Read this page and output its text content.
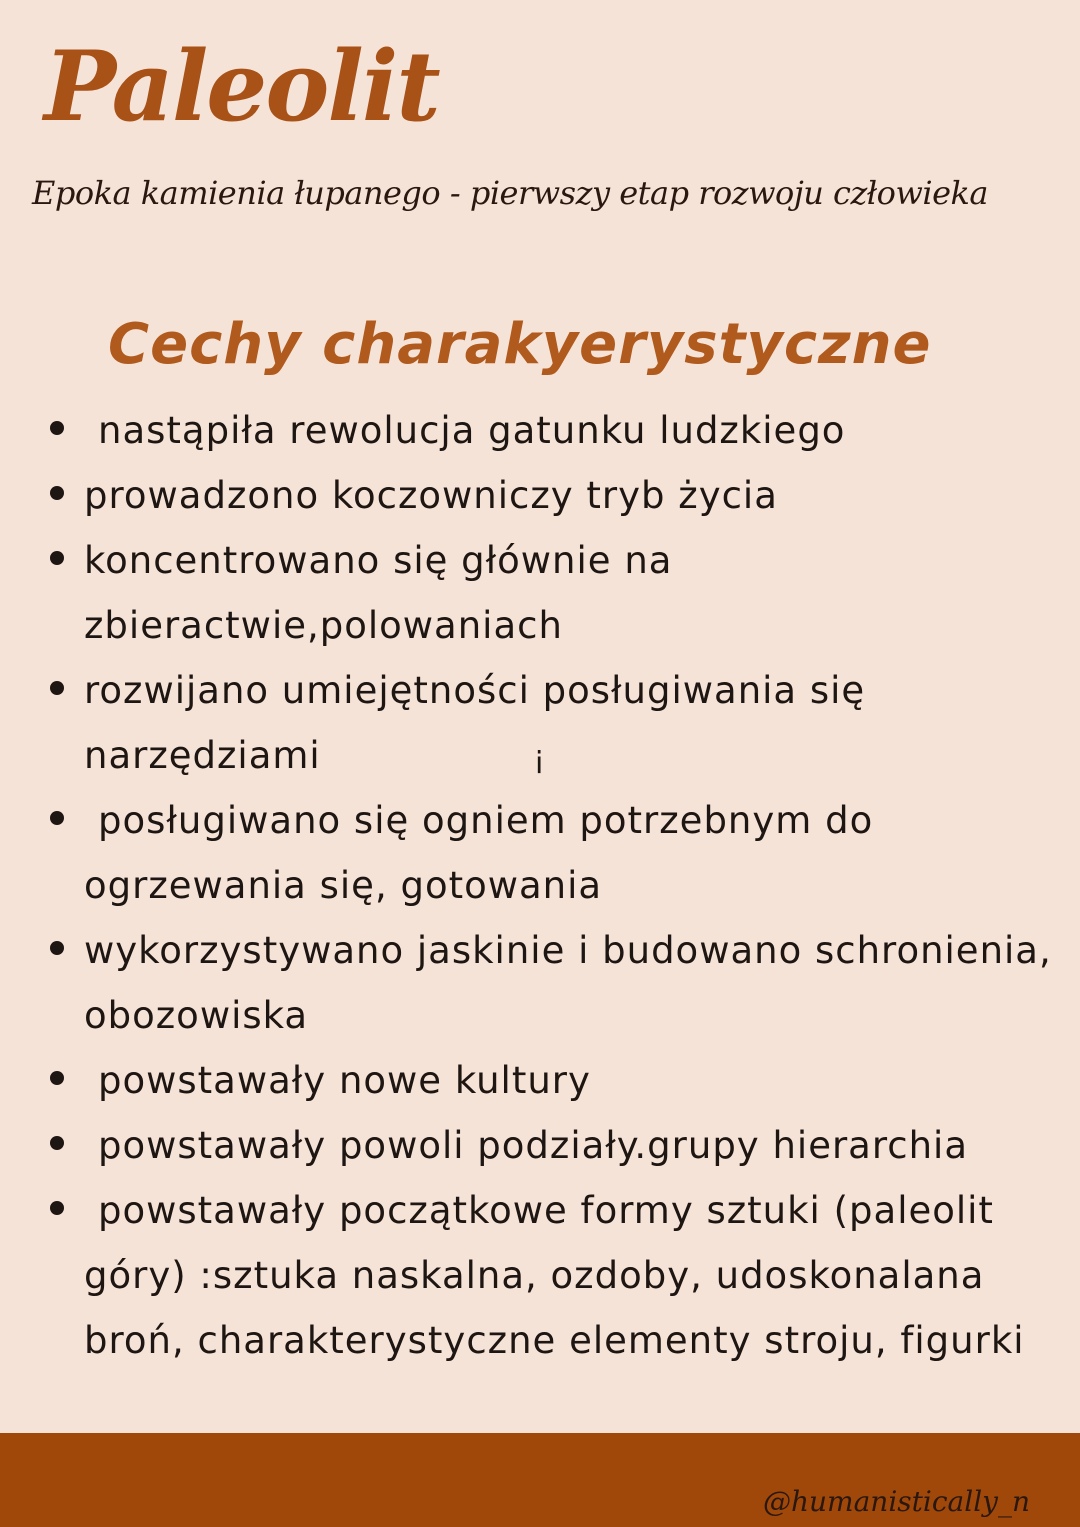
Paleolit

Epoka kamienia łupanego - pierwszy etap rozwoju człowieka

Cechy charakyerystyczne
nastąpiła rewolucja gatunku ludzkiego
prowadzono koczowniczy tryb życia
koncentrowano się głównie na zbieractwie,polowaniach
rozwijano umiejętności posługiwania się narzędziami
posługiwano się ogniem potrzebnym do ogrzewania się, gotowania
wykorzystywano jaskinie i budowano schronienia, obozowiska
powstawały nowe kultury
powstawały powoli podziały.grupy hierarchia
powstawały początkowe formy sztuki (paleolit góry) :sztuka naskalna, ozdoby, udoskonalana broń, charakterystyczne elementy stroju, figurki
i
@humanistically_n
